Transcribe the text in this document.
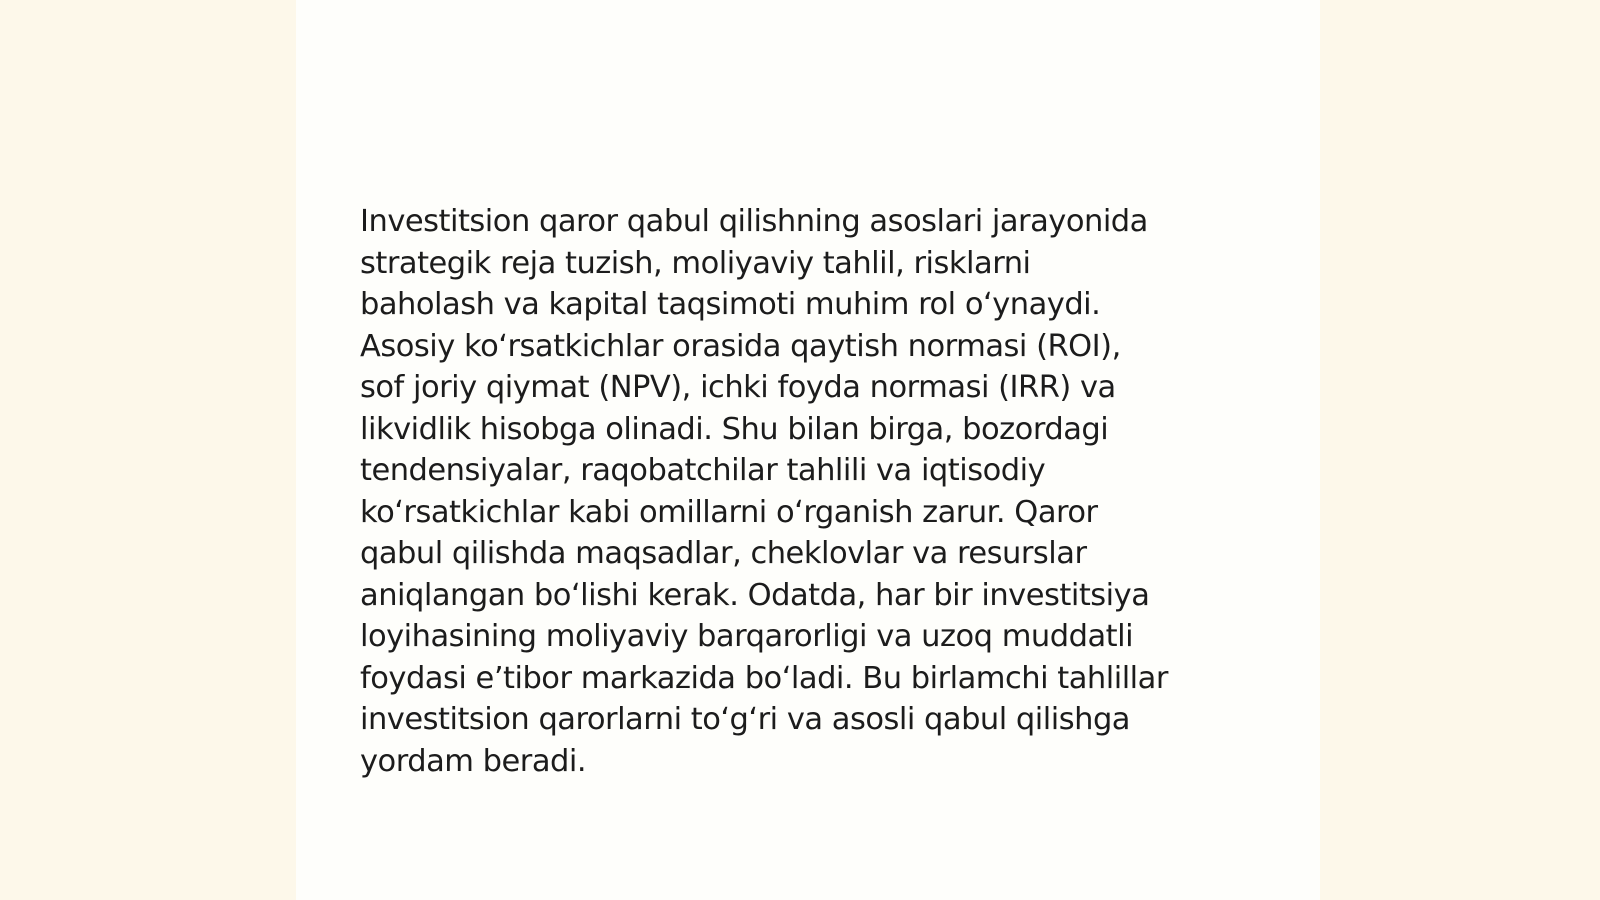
Investitsion qaror qabul qilishning asoslari jarayonida
strategik reja tuzish, moliyaviy tahlil, risklarni
baholash va kapital taqsimoti muhim rol oʻynaydi.
Asosiy koʻrsatkichlar orasida qaytish normasi (ROI),
sof joriy qiymat (NPV), ichki foyda normasi (IRR) va
likvidlik hisobga olinadi. Shu bilan birga, bozordagi
tendensiyalar, raqobatchilar tahlili va iqtisodiy
koʻrsatkichlar kabi omillarni oʻrganish zarur. Qaror
qabul qilishda maqsadlar, cheklovlar va resurslar
aniqlangan boʻlishi kerak. Odatda, har bir investitsiya
loyihasining moliyaviy barqarorligi va uzoq muddatli
foydasi eʼtibor markazida boʻladi. Bu birlamchi tahlillar
investitsion qarorlarni toʻgʻri va asosli qabul qilishga
yordam beradi.
